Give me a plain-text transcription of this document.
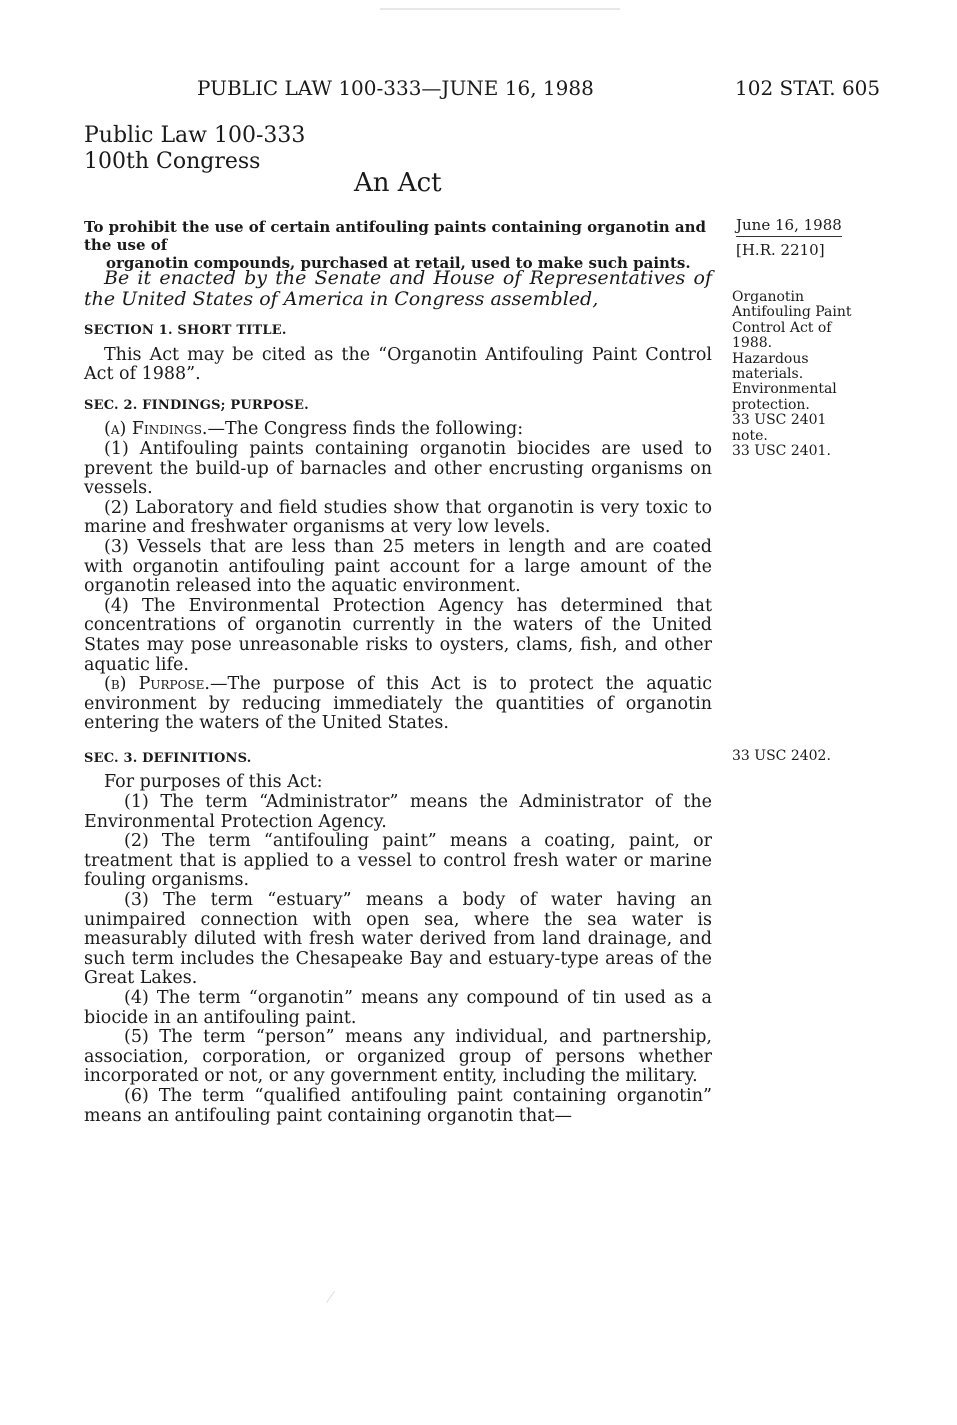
PUBLIC LAW 100-333—JUNE 16, 1988	102 STAT. 605
Public Law 100-333
100th Congress
An Act
To prohibit the use of certain antifouling paints containing organotin and the use of
organotin compounds, purchased at retail, used to make such paints.
June 16, 1988
[H.R. 2210]

Be it enacted by the Senate and House of Representatives of the United States of America in Congress assembled,

SECTION 1. SHORT TITLE.

This Act may be cited as the “Organotin Antifouling Paint Control Act of 1988”.

SEC. 2. FINDINGS; PURPOSE.

(a) Findings.—The Congress finds the following:

(1) Antifouling paints containing organotin biocides are used to prevent the build-up of barnacles and other encrusting organisms on vessels.

(2) Laboratory and field studies show that organotin is very toxic to marine and freshwater organisms at very low levels.

(3) Vessels that are less than 25 meters in length and are coated with organotin antifouling paint account for a large amount of the organotin released into the aquatic environment.

(4) The Environmental Protection Agency has determined that concentrations of organotin currently in the waters of the United States may pose unreasonable risks to oysters, clams, fish, and other aquatic life.

(b) Purpose.—The purpose of this Act is to protect the aquatic environment by reducing immediately the quantities of organotin entering the waters of the United States.

SEC. 3. DEFINITIONS.

For purposes of this Act:

(1) The term “Administrator” means the Administrator of the Environmental Protection Agency.

(2) The term “antifouling paint” means a coating, paint, or treatment that is applied to a vessel to control fresh water or marine fouling organisms.

(3) The term “estuary” means a body of water having an unimpaired connection with open sea, where the sea water is measurably diluted with fresh water derived from land drainage, and such term includes the Chesapeake Bay and estuary-type areas of the Great Lakes.

(4) The term “organotin” means any compound of tin used as a biocide in an antifouling paint.

(5) The term “person” means any individual, and partnership, association, corporation, or organized group of persons whether incorporated or not, or any government entity, including the military.

(6) The term “qualified antifouling paint containing organotin” means an antifouling paint containing organotin that—

Organotin Antifouling Paint Control Act of 1988.
Hazardous materials.
Environmental protection.
33 USC 2401 note.
33 USC 2401.
33 USC 2402.
